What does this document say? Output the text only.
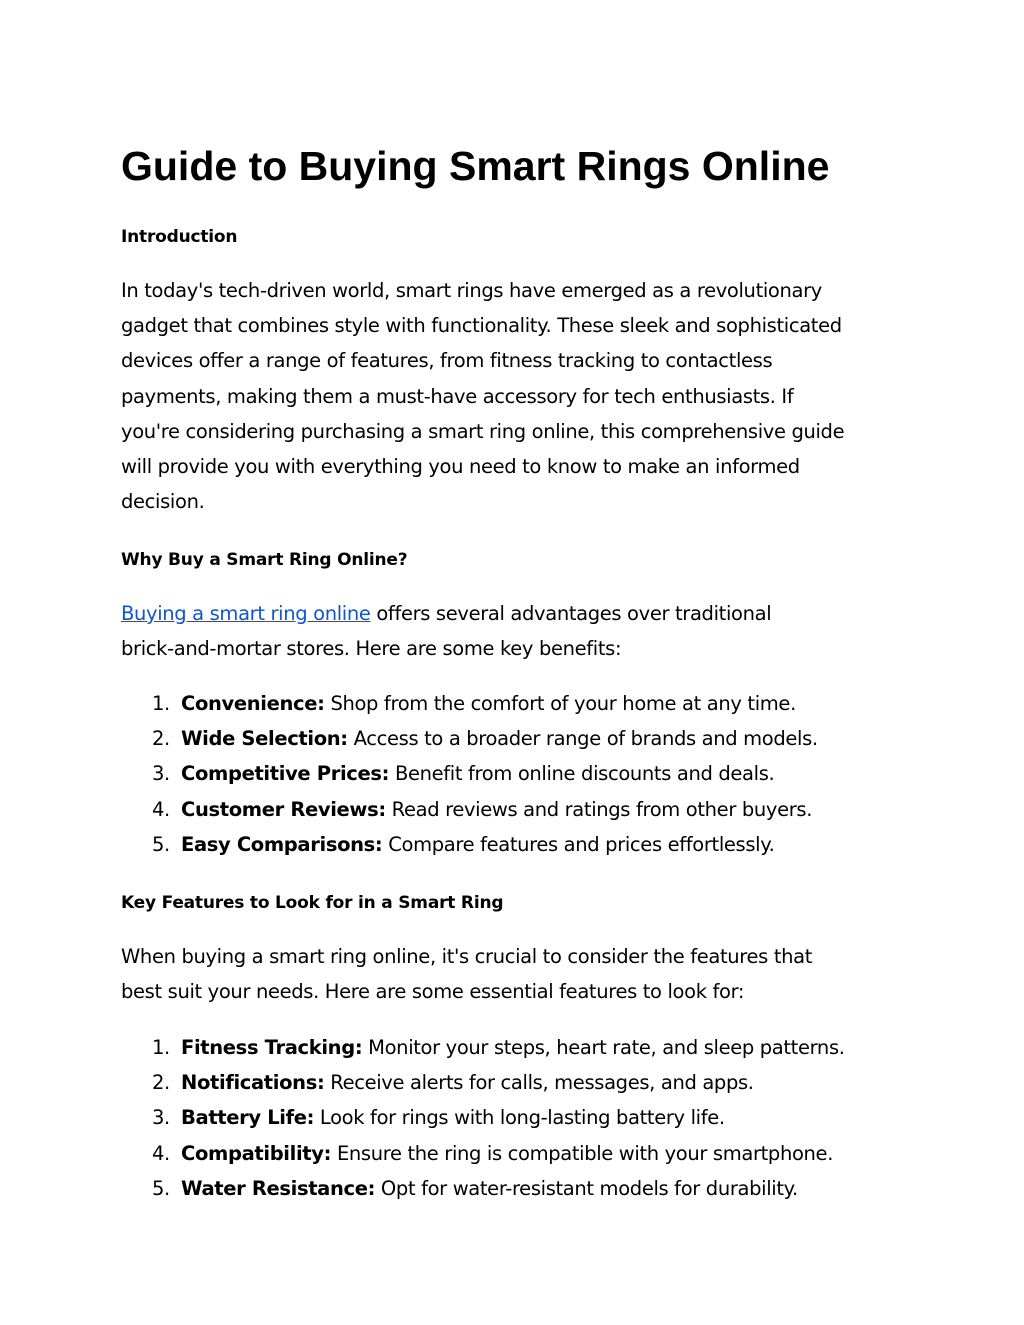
Guide to Buying Smart Rings Online
Introduction

In today's tech-driven world, smart rings have emerged as a revolutionary
gadget that combines style with functionality. These sleek and sophisticated
devices offer a range of features, from fitness tracking to contactless
payments, making them a must-have accessory for tech enthusiasts. If
you're considering purchasing a smart ring online, this comprehensive guide
will provide you with everything you need to know to make an informed
decision.

Why Buy a Smart Ring Online?

Buying a smart ring online offers several advantages over traditional
brick-and-mortar stores. Here are some key benefits:

1. Convenience: Shop from the comfort of your home at any time.
2. Wide Selection: Access to a broader range of brands and models.
3. Competitive Prices: Benefit from online discounts and deals.
4. Customer Reviews: Read reviews and ratings from other buyers.
5. Easy Comparisons: Compare features and prices effortlessly.
Key Features to Look for in a Smart Ring

When buying a smart ring online, it's crucial to consider the features that
best suit your needs. Here are some essential features to look for:

1. Fitness Tracking: Monitor your steps, heart rate, and sleep patterns.
2. Notifications: Receive alerts for calls, messages, and apps.
3. Battery Life: Look for rings with long-lasting battery life.
4. Compatibility: Ensure the ring is compatible with your smartphone.
5. Water Resistance: Opt for water-resistant models for durability.
